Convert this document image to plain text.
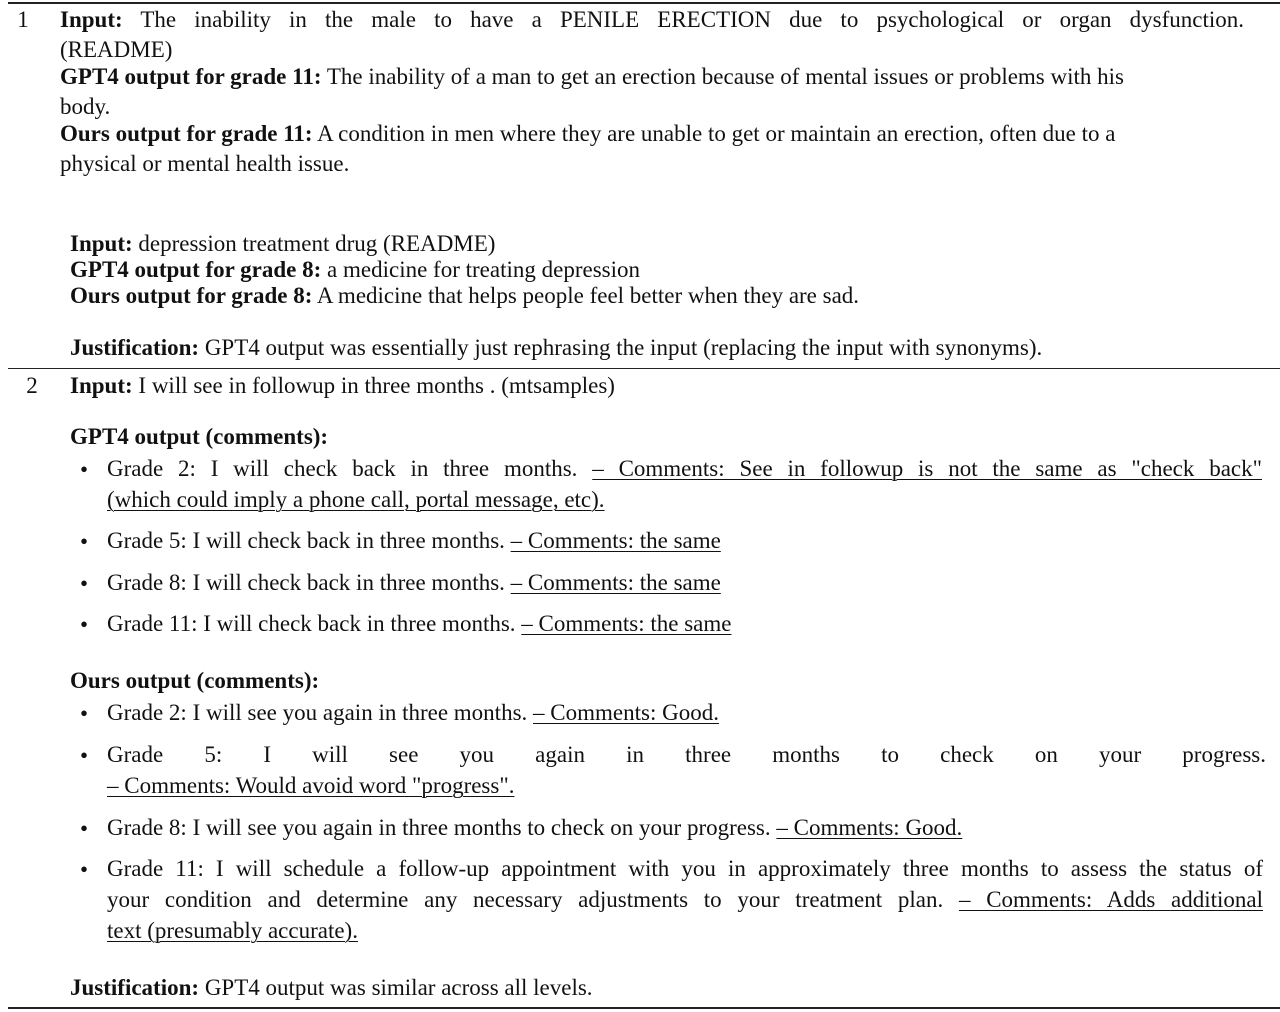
1 Input: The inability in the male to have a PENILE ERECTION due to psychological or organ dysfunction.
(README)
GPT4 output for grade 11: The inability of a man to get an erection because of mental issues or problems with his
body.
Ours output for grade 11: A condition in men where they are unable to get or maintain an erection, often due to a
physical or mental health issue.
Input: depression treatment drug (README)
GPT4 output for grade 8: a medicine for treating depression
Ours output for grade 8: A medicine that helps people feel better when they are sad.
Justification: GPT4 output was essentially just rephrasing the input (replacing the input with synonyms).
2 Input: I will see in followup in three months . (mtsamples)
GPT4 output (comments):
• Grade 2: I will check back in three months. – Comments: See in followup is not the same as "check back"
(which could imply a phone call, portal message, etc).
• Grade 5: I will check back in three months. – Comments: the same
• Grade 8: I will check back in three months. – Comments: the same
• Grade 11: I will check back in three months. – Comments: the same
Ours output (comments):
• Grade 2: I will see you again in three months. – Comments: Good.
• Grade 5: I will see you again in three months to check on your progress.
– Comments: Would avoid word "progress".
• Grade 8: I will see you again in three months to check on your progress. – Comments: Good.
• Grade 11: I will schedule a follow-up appointment with you in approximately three months to assess the status of
your condition and determine any necessary adjustments to your treatment plan. – Comments: Adds additional
text (presumably accurate).
Justification: GPT4 output was similar across all levels.
